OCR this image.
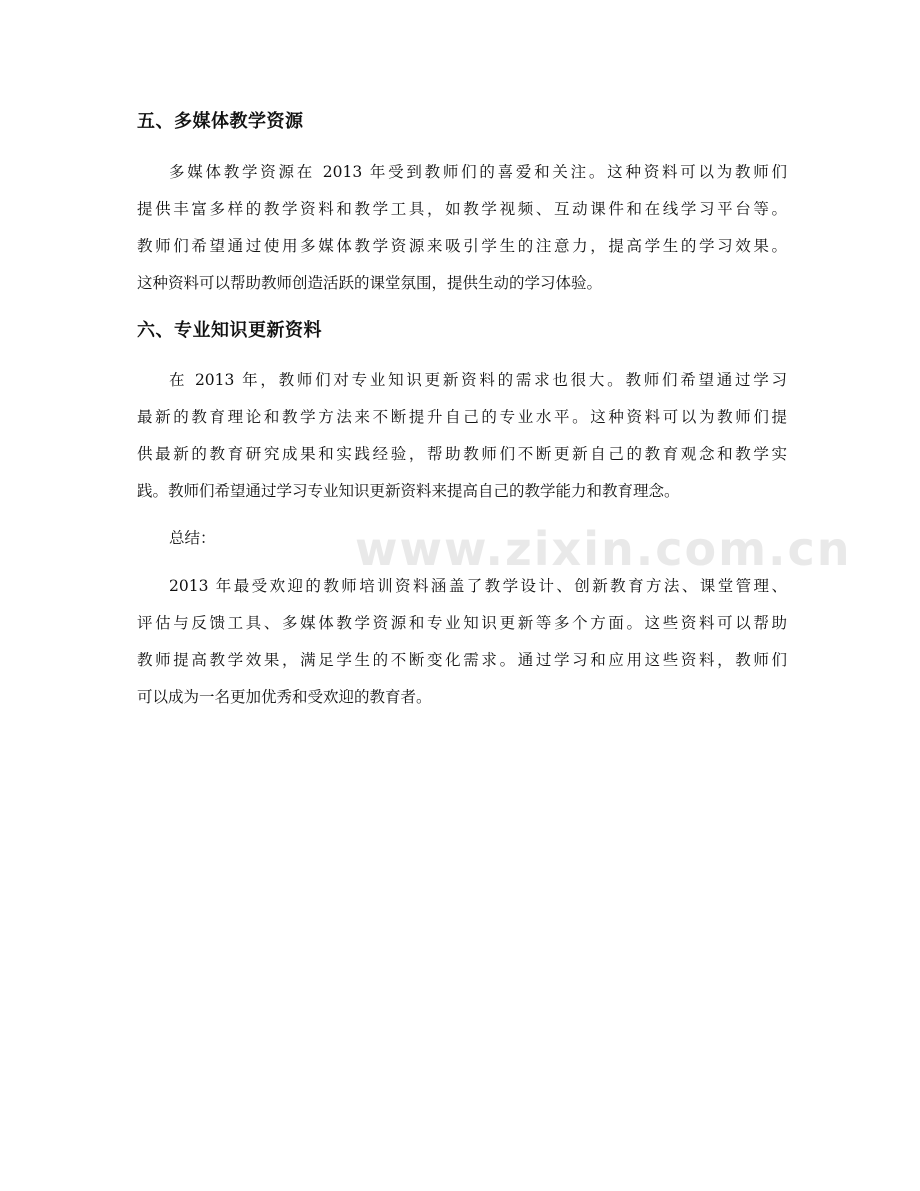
www.zixin.com.cn
五、多媒体教学资源
多媒体教学资源在 2013 年受到教师们的喜爱和关注。这种资料可以为教师们
提供丰富多样的教学资料和教学工具，如教学视频、互动课件和在线学习平台等。
教师们希望通过使用多媒体教学资源来吸引学生的注意力，提高学生的学习效果。
这种资料可以帮助教师创造活跃的课堂氛围，提供生动的学习体验。
六、专业知识更新资料
在 2013 年，教师们对专业知识更新资料的需求也很大。教师们希望通过学习
最新的教育理论和教学方法来不断提升自己的专业水平。这种资料可以为教师们提
供最新的教育研究成果和实践经验，帮助教师们不断更新自己的教育观念和教学实
践。教师们希望通过学习专业知识更新资料来提高自己的教学能力和教育理念。

总结：

2013 年最受欢迎的教师培训资料涵盖了教学设计、创新教育方法、课堂管理、
评估与反馈工具、多媒体教学资源和专业知识更新等多个方面。这些资料可以帮助
教师提高教学效果，满足学生的不断变化需求。通过学习和应用这些资料，教师们
可以成为一名更加优秀和受欢迎的教育者。
